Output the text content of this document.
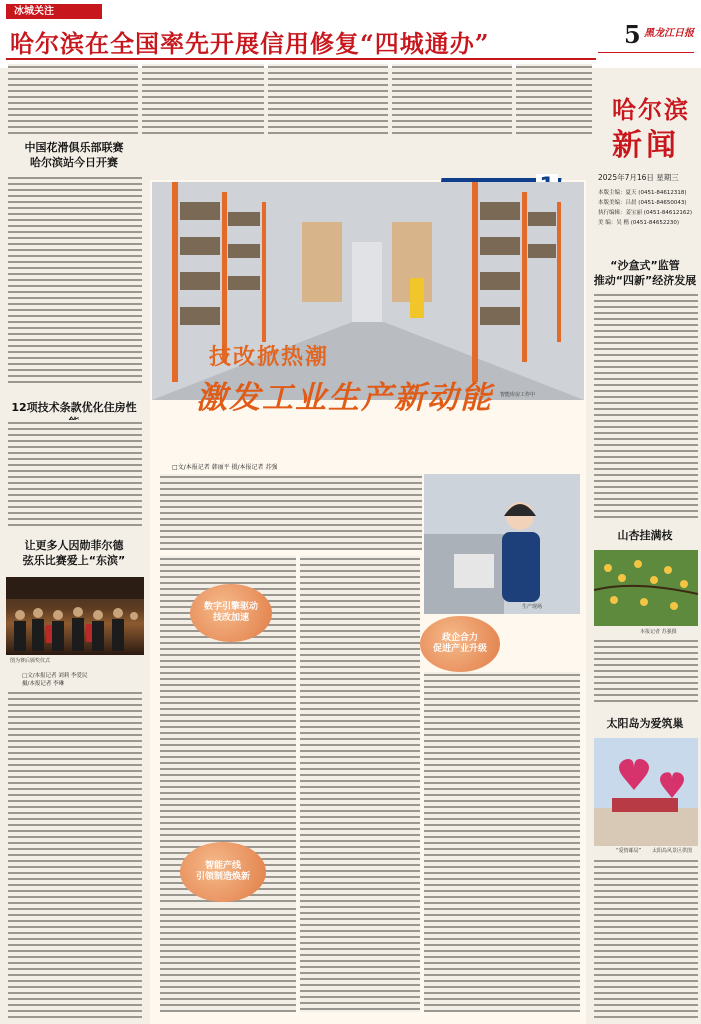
冰城关注
哈尔滨在全国率先开展信用修复“四城通办”	5 黑龙江日报
哈尔滨
新闻
2025年7月16日 星期三
本版主编：夏天 (0451-84612318)
本版美编：吕晨 (0451-84650043)
执行编辑：姜宝丽 (0451-84612162)
美 编：吴 楷 (0451-84652230)
中国花滑俱乐部联赛
哈尔滨站今日开赛
12项技术条款优化住房性
让更多人因勋菲尔德
弦乐比赛爱上“东滨”
图为赛后颁奖仪式
□文/本报记者 刘莉 李爱民
摄/本报记者 李琳
智能库房工作中
技改掀热潮
激发工业生产新动能
□文/本报记者 韩丽平 摄/本报记者 苏强
生产现场
数字引擎驱动
技改加速
政企合力
促进产业升级
智能产线
引领制造焕新
“沙盒式”监管
推动“四新”经济发展
山杏挂满枝
本报记者 苏强摄
太阳岛为爱筑巢
“爱情邮局” 太阳岛风景区供图
